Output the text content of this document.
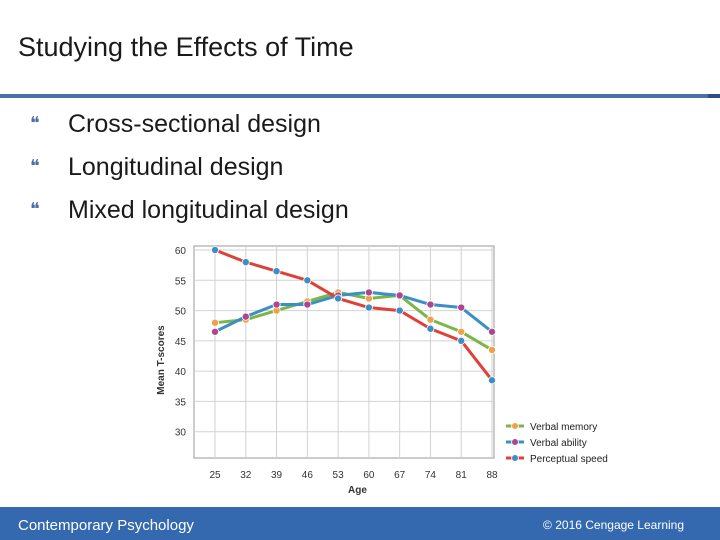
Studying the Effects of Time
❝	Cross-sectional design
❝	Longitudinal design
❝	Mixed longitudinal design
30
35
40
45
50
55
60
25 32 39 46 53 60 67 74 81 88
Age
Mean T-scores
Verbal memory
Verbal ability
Perceptual speed
Contemporary Psychology	© 2016 Cengage Learning
